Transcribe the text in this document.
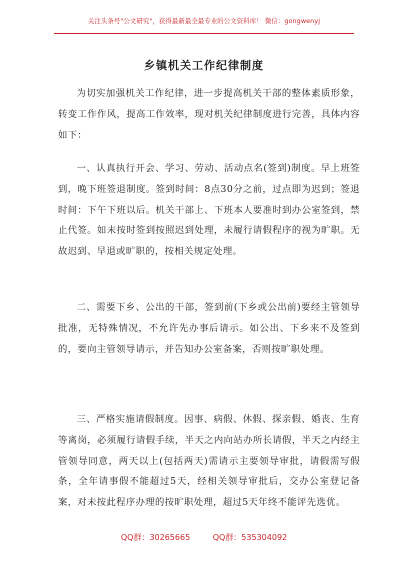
关注头条号"公文研究"，获得最新最全最专业的公文资料库！ 微信：gongwenyj
乡镇机关工作纪律制度

为切实加强机关工作纪律，进一步提高机关干部的整体素质形象，转变工作作风，提高工作效率，现对机关纪律制度进行完善，具体内容如下：

一、认真执行开会、学习、劳动、活动点名(签到)制度。早上班签到，晚下班签退制度。签到时间：8点30分之前，过点即为迟到；签退时间：下午下班以后。机关干部上、下班本人要准时到办公室签到，禁止代签。如未按时签到按照迟到处理，未履行请假程序的视为旷职。无故迟到、早退或旷职的，按相关规定处理。

二、需要下乡、公出的干部，签到前(下乡或公出前)要经主管领导批准，无特殊情况，不允许先办事后请示。如公出、下乡来不及签到的，要向主管领导请示，并告知办公室备案，否则按旷职处理。

三、严格实施请假制度。因事、病假、休假、探亲假、婚丧、生育等离岗，必须履行请假手续，半天之内向站办所长请假，半天之内经主管领导同意，两天以上(包括两天)需请示主要领导审批，请假需写假条，全年请事假不能超过5天，经相关领导审批后，交办公室登记备案，对未按此程序办理的按旷职处理，超过5天年终不能评先选优。

QQ群：30265665	QQ群：535304092
